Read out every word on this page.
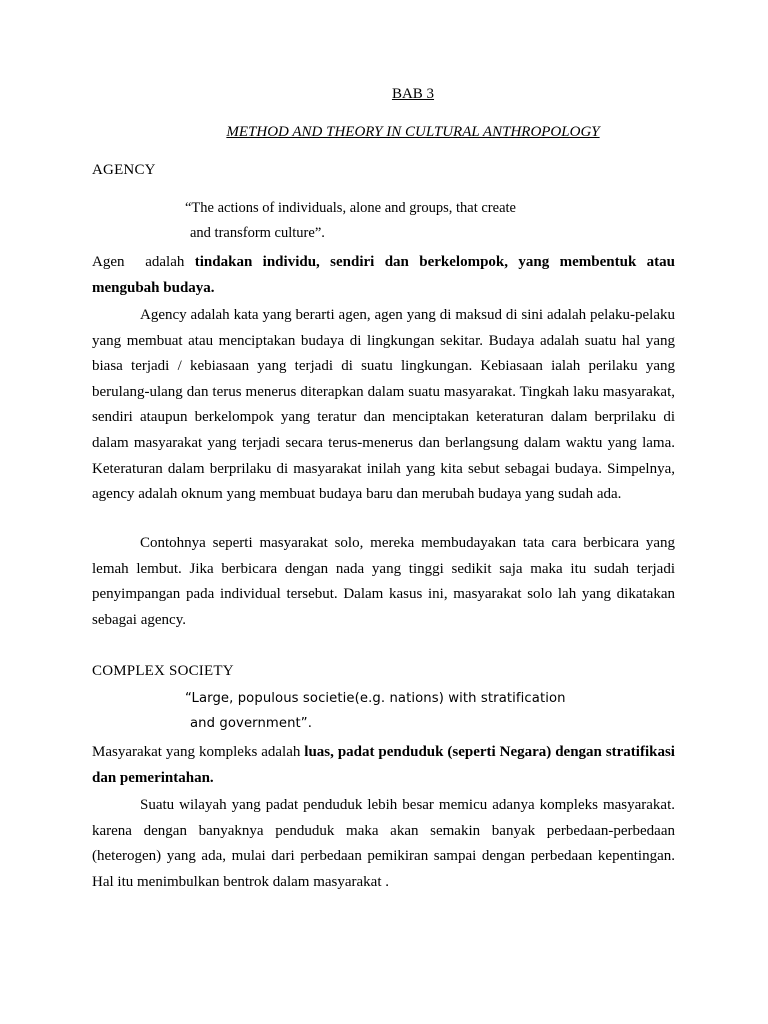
BAB 3
METHOD AND THEORY IN CULTURAL ANTHROPOLOGY
AGENCY
“The actions of individuals, alone and groups, that create
and transform culture”.
Agen  adalah tindakan individu, sendiri dan berkelompok, yang membentuk atau mengubah budaya.
Agency adalah kata yang berarti agen, agen yang di maksud di sini adalah pelaku-pelaku yang membuat atau menciptakan budaya di lingkungan sekitar. Budaya adalah suatu hal yang biasa terjadi / kebiasaan yang terjadi di suatu lingkungan. Kebiasaan ialah perilaku yang berulang-ulang dan terus menerus diterapkan dalam suatu masyarakat. Tingkah laku masyarakat, sendiri ataupun berkelompok yang teratur dan menciptakan keteraturan dalam berprilaku di dalam masyarakat yang terjadi secara terus-menerus dan berlangsung dalam waktu yang lama. Keteraturan dalam berprilaku di masyarakat inilah yang kita sebut sebagai budaya. Simpelnya, agency adalah oknum yang membuat budaya baru dan merubah budaya yang sudah ada.
Contohnya seperti masyarakat solo, mereka membudayakan tata cara berbicara yang lemah lembut. Jika berbicara dengan nada yang tinggi sedikit saja maka itu sudah terjadi penyimpangan pada individual tersebut. Dalam kasus ini, masyarakat solo lah yang dikatakan sebagai agency.
COMPLEX SOCIETY
“Large, populous societie(e.g. nations) with stratification
and government”.
Masyarakat yang kompleks adalah luas, padat penduduk (seperti Negara) dengan stratifikasi dan pemerintahan.
Suatu wilayah yang padat penduduk lebih besar memicu adanya kompleks masyarakat. karena dengan banyaknya penduduk maka akan semakin banyak perbedaan-perbedaan (heterogen) yang ada, mulai dari perbedaan pemikiran sampai dengan perbedaan kepentingan. Hal itu menimbulkan bentrok dalam masyarakat .
